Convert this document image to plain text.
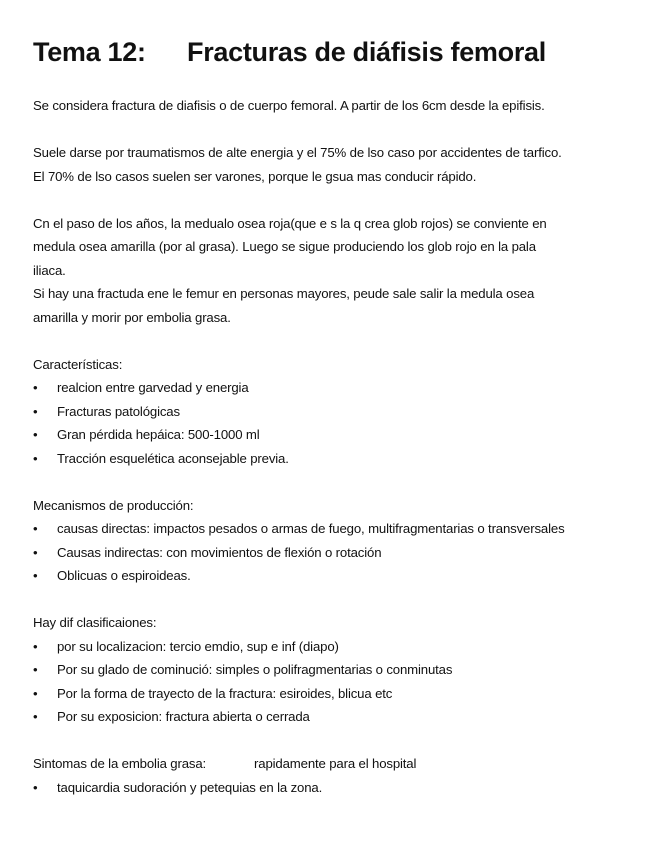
Tema 12: Fracturas de diáfisis femoral

Se considera fractura de diafisis o de cuerpo femoral. A partir de los 6cm desde la epifisis.

Suele darse por traumatismos de alte energia y el 75% de lso caso por accidentes de tarfico.

El 70% de lso casos suelen ser varones, porque le gsua mas conducir rápido.

Cn el paso de los años, la medualo osea roja(que e s la q crea glob rojos) se conviente en

medula osea amarilla (por al grasa). Luego se sigue produciendo los glob rojo en la pala

iliaca.

Si hay una fractuda ene le femur en personas mayores, peude sale salir la medula osea

amarilla y morir por embolia grasa.

Características:

•	realcion entre garvedad y energia
•	Fracturas patológicas
•	Gran pérdida hepáica: 500-1000 ml
•	Tracción esquelética aconsejable previa.

Mecanismos de producción:

•	causas directas: impactos pesados o armas de fuego, multifragmentarias o transversales
•	Causas indirectas: con movimientos de flexión o rotación
•	Oblicuas o espiroideas.

Hay dif clasificaiones:

•	por su localizacion: tercio emdio, sup e inf (diapo)
•	Por su glado de cominució: simples o polifragmentarias o conminutas
•	Por la forma de trayecto de la fractura: esiroides, blicua etc
•	Por su exposicion: fractura abierta o cerrada

Sintomas de la embolia grasa:	rapidamente para el hospital

•	taquicardia sudoración y petequias en la zona.
